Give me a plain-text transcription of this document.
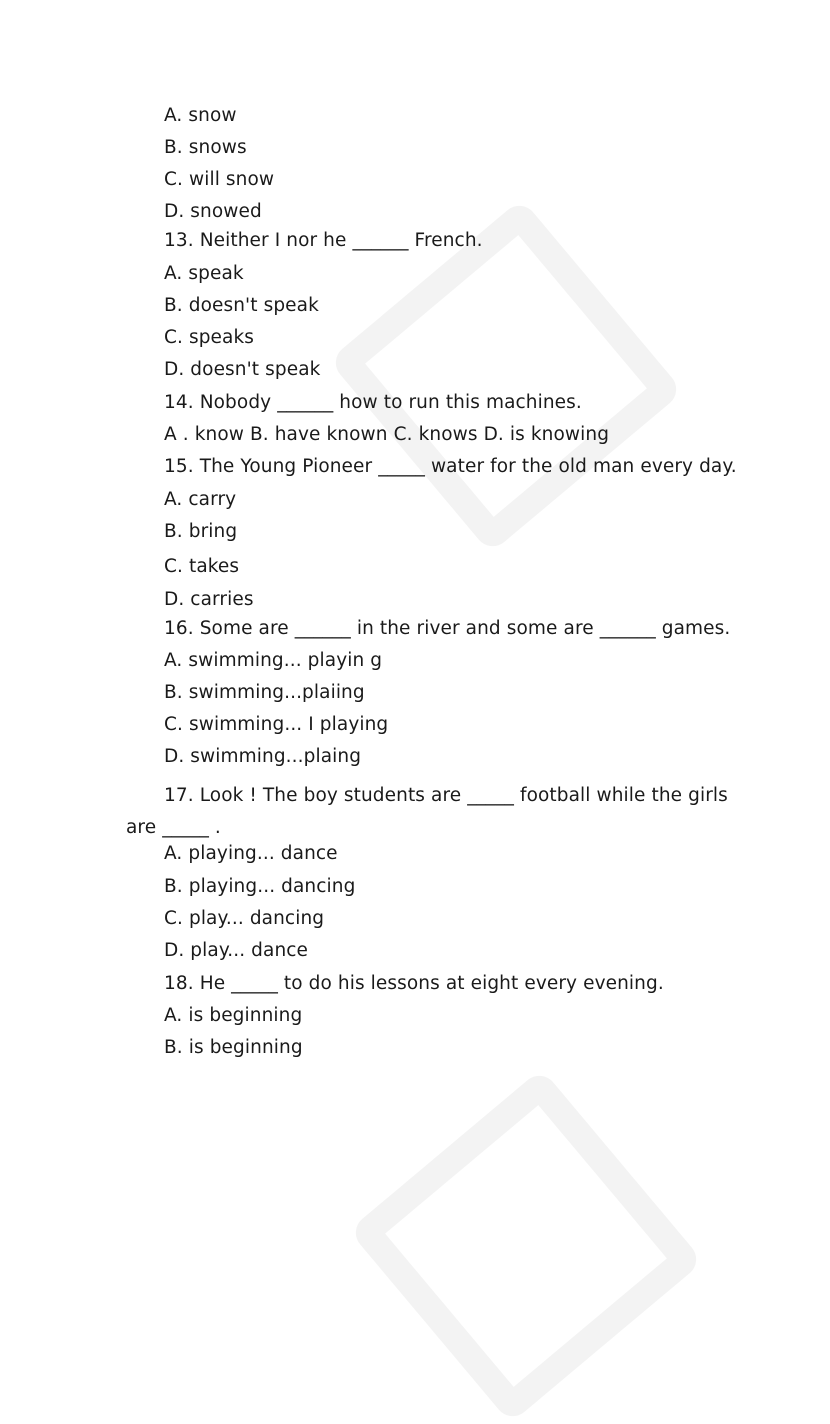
A. snow
B. snows
C. will snow
D. snowed
13. Neither I nor he ______ French.
A. speak
B. doesn't speak
C. speaks
D. doesn't speak
14. Nobody ______ how to run this machines.
A . know B. have known C. knows D. is knowing
15. The Young Pioneer _____ water for the old man every day.
A. carry
B. bring
C. takes
D. carries
16. Some are ______ in the river and some are ______ games.
A. swimming... playin g
B. swimming...plaiing
C. swimming... I playing
D. swimming...plaing
17. Look ! The boy students are _____ football while the girls
are _____ .
A. playing... dance
B. playing... dancing
C. play... dancing
D. play... dance
18. He _____ to do his lessons at eight every evening.
A. is beginning
B. is beginning
